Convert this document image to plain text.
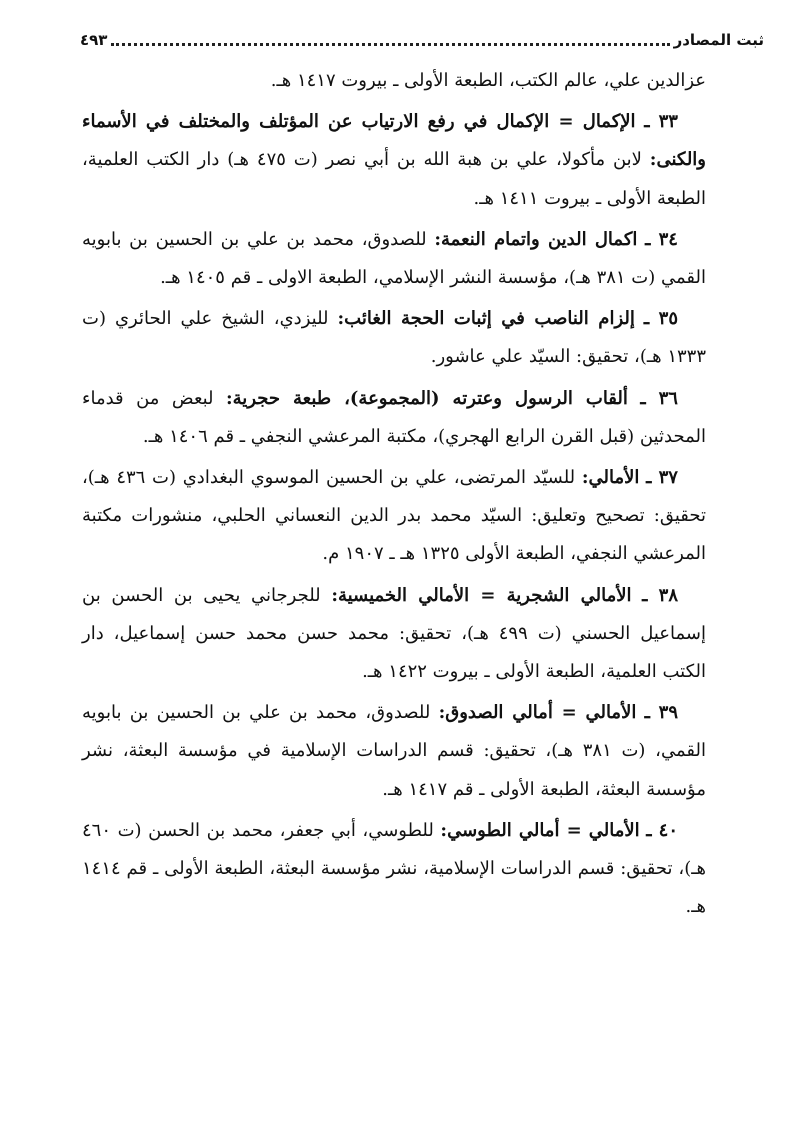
ثبت المصادر
٤٩٣

عزالدين علي، عالم الكتب، الطبعة الأولى ـ بيروت ١٤١٧ هـ.

٣٣ ـ الإكمال = الإكمال في رفع الارتياب عن المؤتلف والمختلف في الأسماء والكنى: لابن مأكولا، علي بن هبة الله بن أبي نصر (ت ٤٧٥ هـ) دار الكتب العلمية، الطبعة الأولى ـ بيروت ١٤١١ هـ.

٣٤ ـ اكمال الدين واتمام النعمة: للصدوق، محمد بن علي بن الحسين بن بابويه القمي (ت ٣٨١ هـ)، مؤسسة النشر الإسلامي، الطبعة الاولى ـ قم ١٤٠٥ هـ.

٣٥ ـ إلزام الناصب في إثبات الحجة الغائب: لليزدي، الشيخ علي الحائري (ت ١٣٣٣ هـ)، تحقيق: السيّد علي عاشور.

٣٦ ـ ألقاب الرسول وعترته (المجموعة)، طبعة حجرية: لبعض من قدماء المحدثين (قبل القرن الرابع الهجري)، مكتبة المرعشي النجفي ـ قم ١٤٠٦ هـ.

٣٧ ـ الأمالي: للسيّد المرتضى، علي بن الحسين الموسوي البغدادي (ت ٤٣٦ هـ)، تحقيق: تصحيح وتعليق: السيّد محمد بدر الدين النعساني الحلبي، منشورات مكتبة المرعشي النجفي، الطبعة الأولى ١٣٢٥ هـ ـ ١٩٠٧ م.

٣٨ ـ الأمالي الشجرية = الأمالي الخميسية: للجرجاني يحيى بن الحسن بن إسماعيل الحسني (ت ٤٩٩ هـ)، تحقيق: محمد حسن محمد حسن إسماعيل، دار الكتب العلمية، الطبعة الأولى ـ بيروت ١٤٢٢ هـ.

٣٩ ـ الأمالي = أمالي الصدوق: للصدوق، محمد بن علي بن الحسين بن بابويه القمي، (ت ٣٨١ هـ)، تحقيق: قسم الدراسات الإسلامية في مؤسسة البعثة، نشر مؤسسة البعثة، الطبعة الأولى ـ قم ١٤١٧ هـ.

٤٠ ـ الأمالي = أمالي الطوسي: للطوسي، أبي جعفر، محمد بن الحسن (ت ٤٦٠ هـ)، تحقيق: قسم الدراسات الإسلامية، نشر مؤسسة البعثة، الطبعة الأولى ـ قم ١٤١٤ هـ.
